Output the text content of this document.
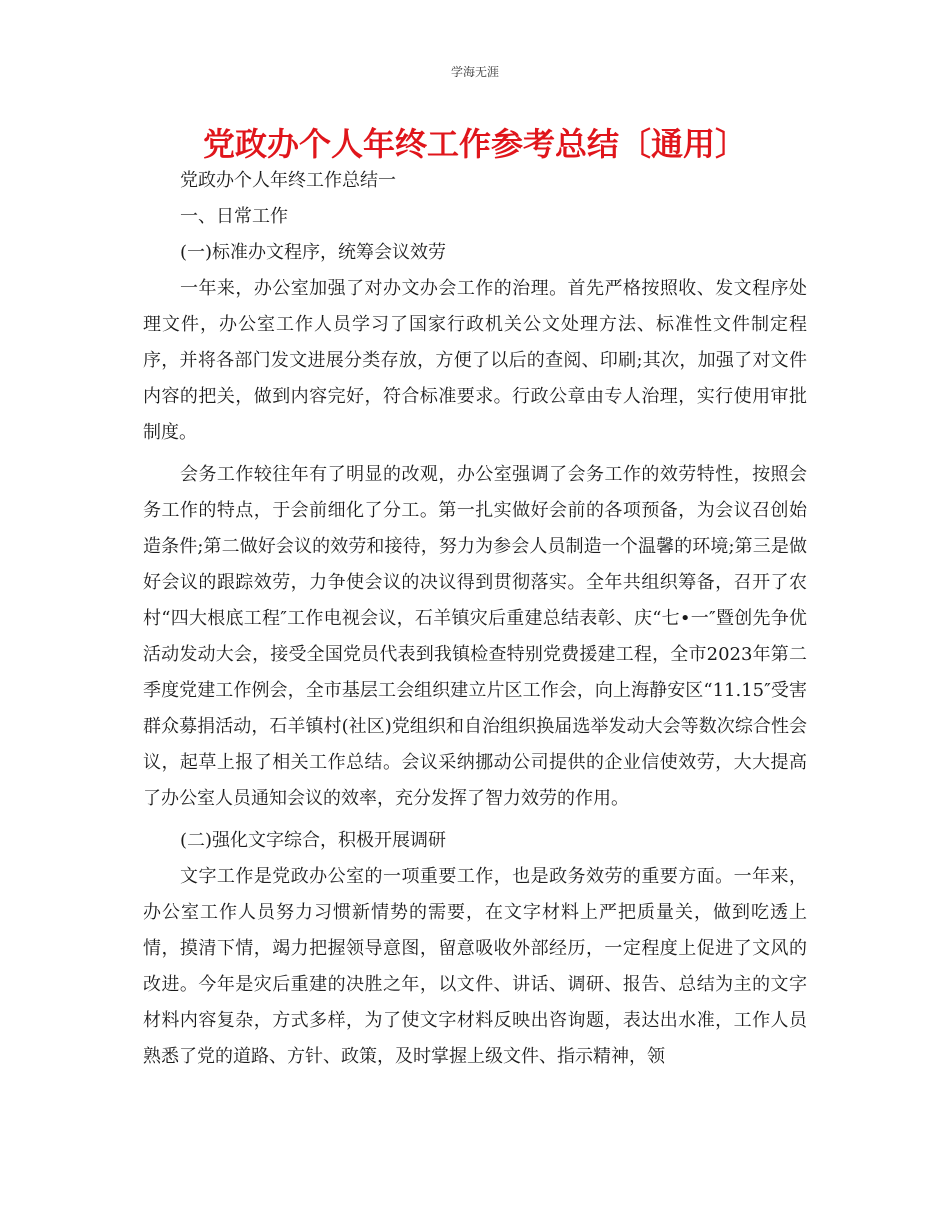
学海无涯
党政办个人年终工作参考总结〔通用〕

党政办个人年终工作总结一

一、日常工作

(一)标准办文程序，统筹会议效劳

一年来，办公室加强了对办文办会工作的治理。首先严格按照收、发文程序处理文件，办公室工作人员学习了国家行政机关公文处理方法、标准性文件制定程序，并将各部门发文进展分类存放，方便了以后的查阅、印刷;其次，加强了对文件内容的把关，做到内容完好，符合标准要求。行政公章由专人治理，实行使用审批制度。

会务工作较往年有了明显的改观，办公室强调了会务工作的效劳特性，按照会务工作的特点，于会前细化了分工。第一扎实做好会前的各项预备，为会议召创始造条件;第二做好会议的效劳和接待，努力为参会人员制造一个温馨的环境;第三是做好会议的跟踪效劳，力争使会议的决议得到贯彻落实。全年共组织筹备，召开了农村“四大根底工程″工作电视会议，石羊镇灾后重建总结表彰、庆“七•一″暨创先争优活动发动大会，接受全国党员代表到我镇检查特别党费援建工程，全市2023年第二季度党建工作例会，全市基层工会组织建立片区工作会，向上海静安区“11.15″受害群众募捐活动，石羊镇村(社区)党组织和自治组织换届选举发动大会等数次综合性会议，起草上报了相关工作总结。会议采纳挪动公司提供的企业信使效劳，大大提高了办公室人员通知会议的效率，充分发挥了智力效劳的作用。

(二)强化文字综合，积极开展调研

文字工作是党政办公室的一项重要工作，也是政务效劳的重要方面。一年来，办公室工作人员努力习惯新情势的需要，在文字材料上严把质量关，做到吃透上情，摸清下情，竭力把握领导意图，留意吸收外部经历，一定程度上促进了文风的改进。今年是灾后重建的决胜之年，以文件、讲话、调研、报告、总结为主的文字材料内容复杂，方式多样，为了使文字材料反映出咨询题，表达出水准，工作人员熟悉了党的道路、方针、政策，及时掌握上级文件、指示精神，领
